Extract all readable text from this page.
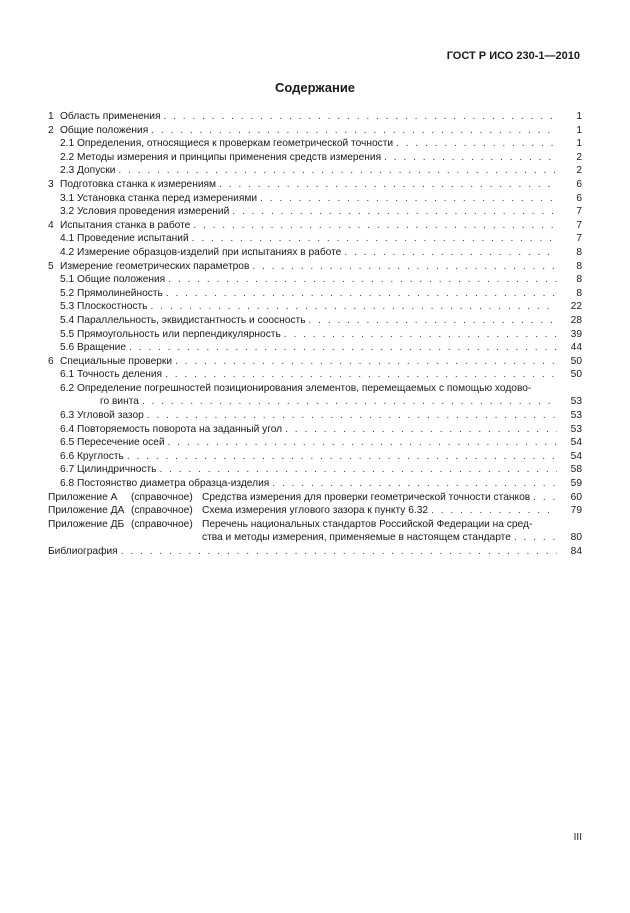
ГОСТ Р ИСО 230-1—2010
Содержание
1 Область применения . . .	1
2 Общие положения . . .	1
2.1 Определения, относящиеся к проверкам геометрической точности . . .	1
2.2 Методы измерения и принципы применения средств измерения . . .	2
2.3 Допуски . . .	2
3 Подготовка станка к измерениям . . .	6
3.1 Установка станка перед измерениями . . .	6
3.2 Условия проведения измерений . . .	7
4 Испытания станка в работе . . .	7
4.1 Проведение испытаний . . .	7
4.2 Измерение образцов-изделий при испытаниях в работе . . .	8
5 Измерение геометрических параметров . . .	8
5.1 Общие положения . . .	8
5.2 Прямолинейность . . .	8
5.3 Плоскостность . . .	22
5.4 Параллельность, эквидистантность и соосность . . .	28
5.5 Прямоугольность или перпендикулярность . . .	39
5.6 Вращение . . .	44
6 Специальные проверки . . .	50
6.1 Точность деления . . .	50
6.2 Определение погрешностей позиционирования элементов, перемещаемых с помощью ходово-
го винта . . .	53
6.3 Угловой зазор . . .	53
6.4 Повторяемость поворота на заданный угол . . .	53
6.5 Пересечение осей . . .	54
6.6 Круглость . . .	54
6.7 Цилиндричность . . .	58
6.8 Постоянство диаметра образца-изделия . . .	59
Приложение А	(справочное) Средства измерения для проверки геометрической точности станков . . .	60
Приложение ДА (справочное) Схема измерения углового зазора к пункту 6.32 . . .	79
Приложение ДБ (справочное) Перечень национальных стандартов Российской Федерации на сред-
ства и методы измерения, применяемые в настоящем стандарте . . .	80
Библиография . . .	84
III
